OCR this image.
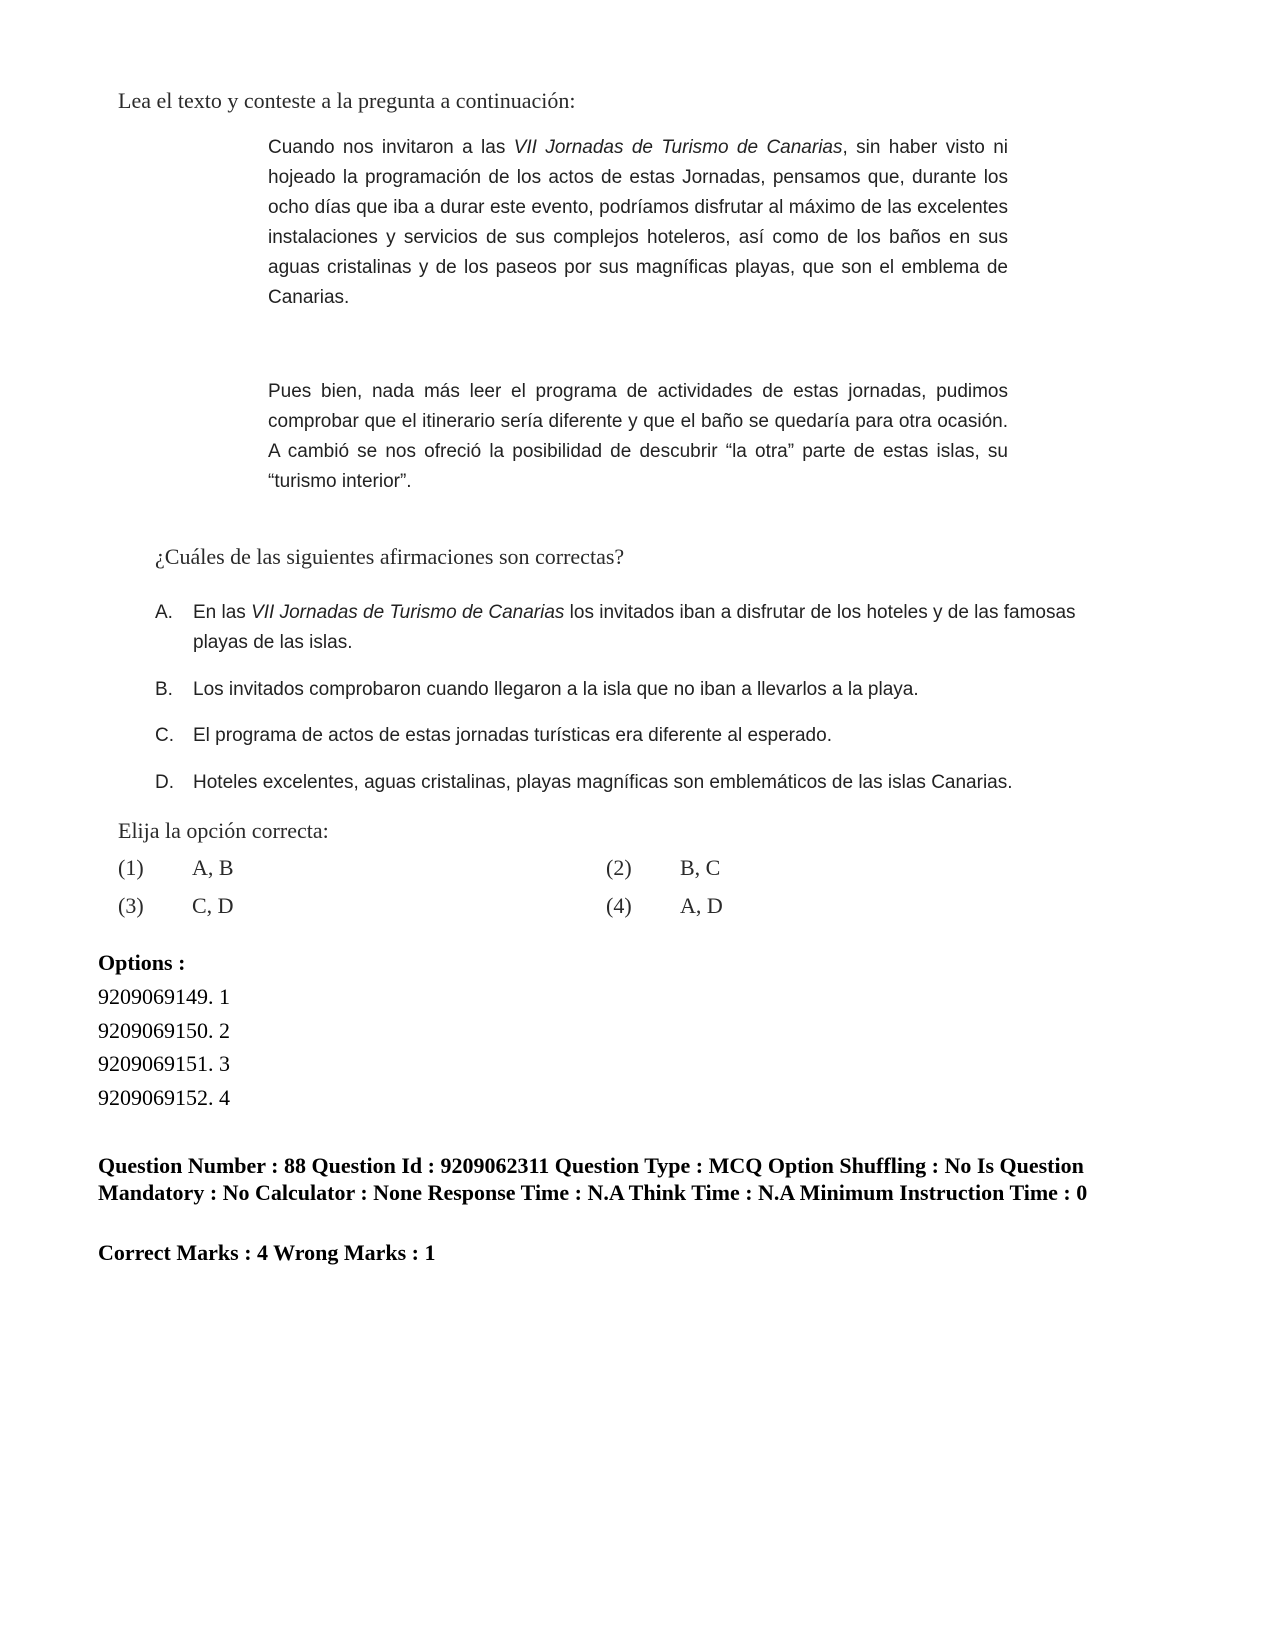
Lea el texto y conteste a la pregunta a continuación:

Cuando nos invitaron a las VII Jornadas de Turismo de Canarias, sin haber visto ni hojeado la programación de los actos de estas Jornadas, pensamos que, durante los ocho días que iba a durar este evento, podríamos disfrutar al máximo de las excelentes instalaciones y servicios de sus complejos hoteleros, así como de los baños en sus aguas cristalinas y de los paseos por sus magníficas playas, que son el emblema de Canarias.

Pues bien, nada más leer el programa de actividades de estas jornadas, pudimos comprobar que el itinerario sería diferente y que el baño se quedaría para otra ocasión. A cambió se nos ofreció la posibilidad de descubrir “la otra” parte de estas islas, su “turismo interior”.

¿Cuáles de las siguientes afirmaciones son correctas?
A.	En las VII Jornadas de Turismo de Canarias los invitados iban a disfrutar de los hoteles y de las famosas playas de las islas.
B.	Los invitados comprobaron cuando llegaron a la isla que no iban a llevarlos a la playa.
C.	El programa de actos de estas jornadas turísticas era diferente al esperado.
D.	Hoteles excelentes, aguas cristalinas, playas magníficas son emblemáticos de las islas Canarias.
Elija la opción correcta:
(1) A, B	(2) B, C
(3) C, D	(4) A, D
Options :
9209069149. 1
9209069150. 2
9209069151. 3
9209069152. 4
Question Number : 88 Question Id : 9209062311 Question Type : MCQ Option Shuffling : No Is Question Mandatory : No Calculator : None Response Time : N.A Think Time : N.A Minimum Instruction Time : 0
Correct Marks : 4 Wrong Marks : 1
